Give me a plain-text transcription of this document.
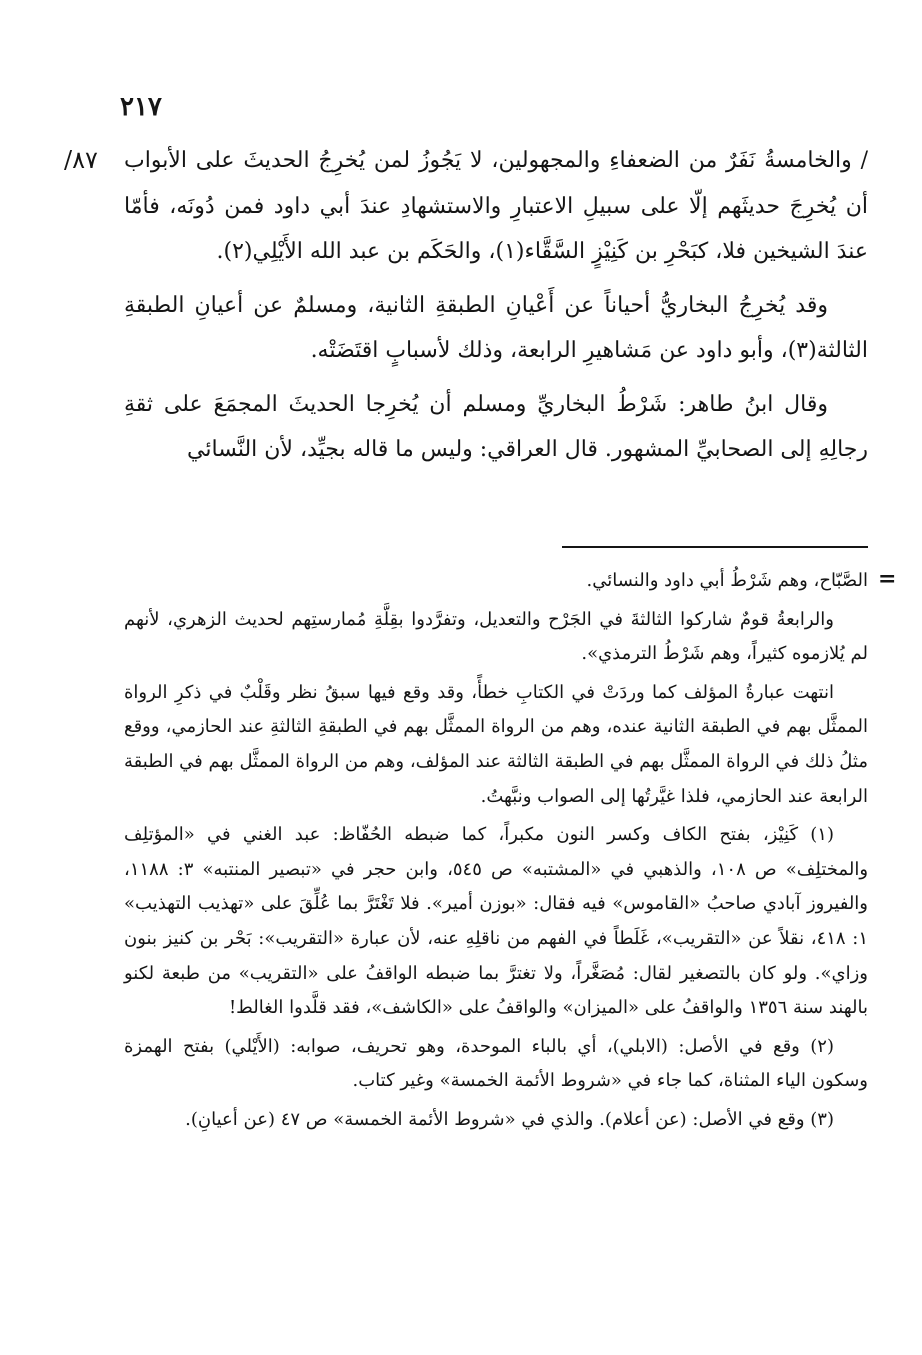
٢١٧
٨٧/ / والخامسةُ نَفَرٌ من الضعفاءِ والمجهولين، لا يَجُوزُ لمن يُخرِجُ الحديثَ على الأبواب أن يُخرِجَ حديثَهم إلّا على سبيلِ الاعتبارِ والاستشهادِ عندَ أبي داود فمن دُونَه، فأمّا عندَ الشيخين فلا، كبَحْرِ بن كَنِيْزٍ السَّقَّاء(١)، والحَكَم بن عبد الله الأَيْلِي(٢).

وقد يُخرِجُ البخاريُّ أحياناً عن أَعْيانِ الطبقةِ الثانية، ومسلمٌ عن أعيانِ الطبقةِ الثالثة(٣)، وأبو داود عن مَشاهيرِ الرابعة، وذلك لأسبابٍ اقتَضَتْه.

وقال ابنُ طاهر: شَرْطُ البخاريِّ ومسلم أن يُخرِجا الحديثَ المجمَعَ على ثقةِ رجالِهِ إلى الصحابيِّ المشهور. قال العراقي: وليس ما قاله بجيِّد، لأن النَّسائي

=

الصَّبّاح، وهم شَرْطُ أبي داود والنسائي.

والرابعةُ قومٌ شاركوا الثالثةَ في الجَرْح والتعديل، وتفرَّدوا بقِلَّةِ مُمارستِهم لحديث الزهري، لأنهم لم يُلازموه كثيراً، وهم شَرْطُ الترمذي».

انتهت عبارةُ المؤلف كما وردَتْ في الكتابِ خطأً، وقد وقع فيها سبقُ نظر وقَلْبٌ في ذكرِ الرواة الممثَّل بهم في الطبقة الثانية عنده، وهم من الرواة الممثَّل بهم في الطبقةِ الثالثةِ عند الحازمي، ووقع مثلُ ذلك في الرواة الممثَّل بهم في الطبقة الثالثة عند المؤلف، وهم من الرواة الممثَّل بهم في الطبقة الرابعة عند الحازمي، فلذا غيَّرتُها إلى الصواب ونبَّهتُ.

(١) كَنِيْز، بفتح الكاف وكسر النون مكبراً، كما ضبطه الحُفّاظ: عبد الغني في «المؤتلِف والمختلِف» ص ١٠٨، والذهبي في «المشتبه» ص ٥٤٥، وابن حجر في «تبصير المنتبه» ٣: ١١٨٨، والفيروز آبادي صاحبُ «القاموس» فيه فقال: «بوزن أمير». فلا تَغْتَرَّ بما عُلِّقَ على «تهذيب التهذيب» ١: ٤١٨، نقلاً عن «التقريب»، غَلَطاً في الفهم من ناقلِهِ عنه، لأن عبارة «التقريب»: بَحْر بن كنيز بنون وزاي». ولو كان بالتصغير لقال: مُصَغَّراً، ولا تغترَّ بما ضبطه الواقفُ على «التقريب» من طبعة لكنو بالهند سنة ١٣٥٦ والواقفُ على «الميزان» والواقفُ على «الكاشف»، فقد قلَّدوا الغالط!

(٢) وقع في الأصل: (الابلي)، أي بالباء الموحدة، وهو تحريف، صوابه: (الأَيْلي) بفتح الهمزة وسكون الياء المثناة، كما جاء في «شروط الأئمة الخمسة» وغير كتاب.

(٣) وقع في الأصل: (عن أعلام). والذي في «شروط الأئمة الخمسة» ص ٤٧ (عن أعيانِ).
